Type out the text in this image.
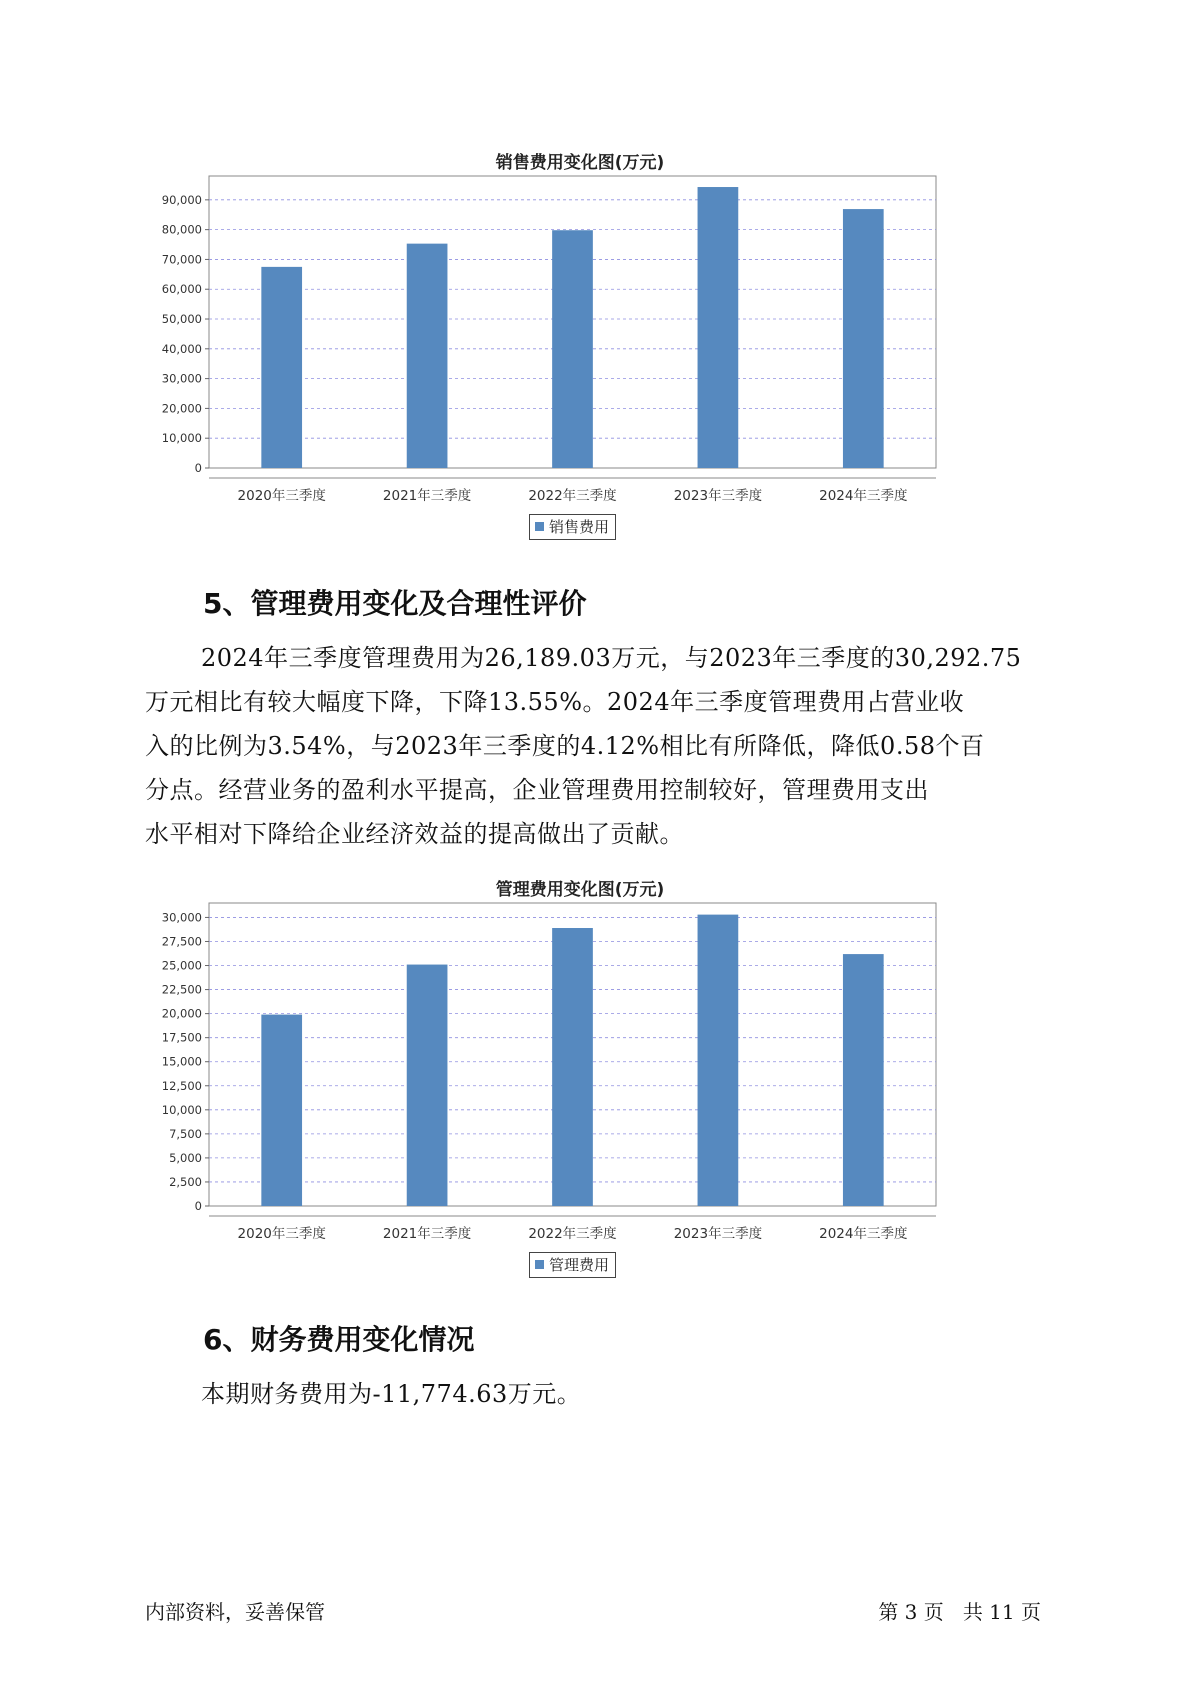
销售费用变化图(万元)
0
10,000
20,000
30,000
40,000
50,000
60,000
70,000
80,000
90,000
2020年三季度	2021年三季度	2022年三季度	2023年三季度	2024年三季度
销售费用
5、管理费用变化及合理性评价

2024年三季度管理费用为26,189.03万元，与2023年三季度的30,292.75

万元相比有较大幅度下降，下降13.55%。2024年三季度管理费用占营业收

入的比例为3.54%，与2023年三季度的4.12%相比有所降低，降低0.58个百

分点。经营业务的盈利水平提高，企业管理费用控制较好，管理费用支出

水平相对下降给企业经济效益的提高做出了贡献。

管理费用变化图(万元)
0
2,500
5,000
7,500
10,000
12,500
15,000
17,500
20,000
22,500
25,000
27,500
30,000
2020年三季度	2021年三季度	2022年三季度	2023年三季度	2024年三季度
管理费用
6、财务费用变化情况

本期财务费用为-11,774.63万元。

内部资料，妥善保管	第 3 页   共 11 页
